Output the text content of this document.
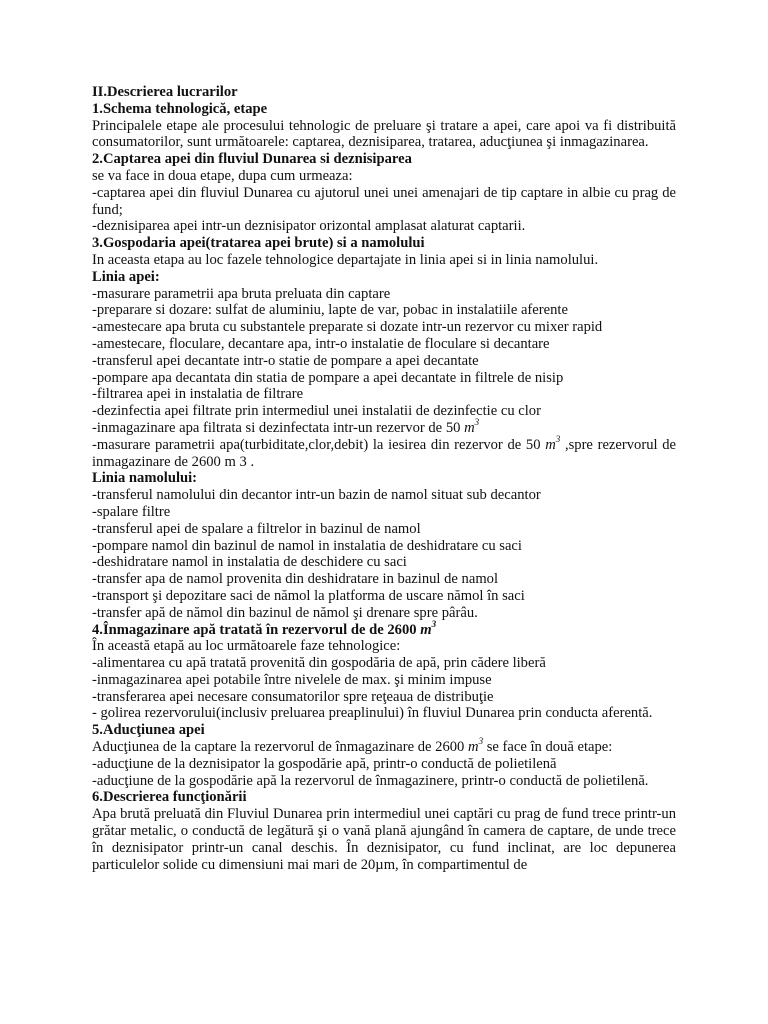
II.Descrierea lucrarilor
1.Schema tehnologică, etape

Principalele etape ale procesului tehnologic de preluare şi tratare a apei, care apoi va fi distribuită consumatorilor, sunt următoarele: captarea, deznisiparea, tratarea, aducţiunea şi inmagazinarea.

2.Captarea apei din fluviul Dunarea si deznisiparea
se va face in doua etape, dupa cum urmeaza:

-captarea apei din fluviul Dunarea cu ajutorul unei unei amenajari de tip captare in albie cu prag de fund;

-deznisiparea apei intr-un deznisipator orizontal amplasat alaturat captarii.
3.Gospodaria apei(tratarea apei brute) si a namolului
In aceasta etapa au loc fazele tehnologice departajate in linia apei si in linia namolului.
Linia apei:
-masurare parametrii apa bruta preluata din captare
-preparare si dozare: sulfat de aluminiu, lapte de var, pobac in instalatiile aferente
-amestecare apa bruta cu substantele preparate si dozate intr-un rezervor cu mixer rapid
-amestecare, floculare, decantare apa, intr-o instalatie de floculare si decantare
-transferul apei decantate intr-o statie de pompare a apei decantate
-pompare apa decantata din statia de pompare a apei decantate in filtrele de nisip
-filtrarea apei in instalatia de filtrare
-dezinfectia apei filtrate prin intermediul unei instalatii de dezinfectie cu clor
-inmagazinare apa filtrata si dezinfectata intr-un rezervor de 50 $m^3$

-masurare parametrii apa(turbiditate,clor,debit) la iesirea din rezervor de 50 $m^3$ ,spre rezervorul de inmagazinare de 2600 m 3 .

Linia namolului:
-transferul namolului din decantor intr-un bazin de namol situat sub decantor
-spalare filtre
-transferul apei de spalare a filtrelor in bazinul de namol
-pompare namol din bazinul de namol in instalatia de deshidratare cu saci
-deshidratare namol in instalatia de deschidere cu saci
-transfer apa de namol provenita din deshidratare in bazinul de namol
-transport şi depozitare saci de nămol la platforma de uscare nămol în saci
-transfer apă de nămol din bazinul de nămol şi drenare spre pârâu.
4.Înmagazinare apă tratată în rezervorul de de 2600 $m^3$
În această etapă au loc următoarele faze tehnologice:
-alimentarea cu apă tratată provenită din gospodăria de apă, prin cădere liberă
-inmagazinarea apei potabile între nivelele de max. şi minim impuse
-transferarea apei necesare consumatorilor spre reţeaua de distribuţie

- golirea rezervorului(inclusiv preluarea preaplinului) în fluviul Dunarea prin conducta aferentă.

5.Aducţiunea apei
Aducţiunea de la captare la rezervorul de înmagazinare de 2600 $m^3$ se face în două etape:
-aducţiune de la deznisipator la gospodărie apă, printr-o conductă de polietilenă

-aducţiune de la gospodărie apă la rezervorul de înmagazinere, printr-o conductă de polietilenă.

6.Descrierea funcţionării

Apa brută preluată din Fluviul Dunarea prin intermediul unei captări cu prag de fund trece printr-un grătar metalic, o conductă de legătură şi o vană plană ajungând în camera de captare, de unde trece în deznisipator printr-un canal deschis. În deznisipator, cu fund inclinat, are loc depunerea particulelor solide cu dimensiuni mai mari de 20µm, în compartimentul de
